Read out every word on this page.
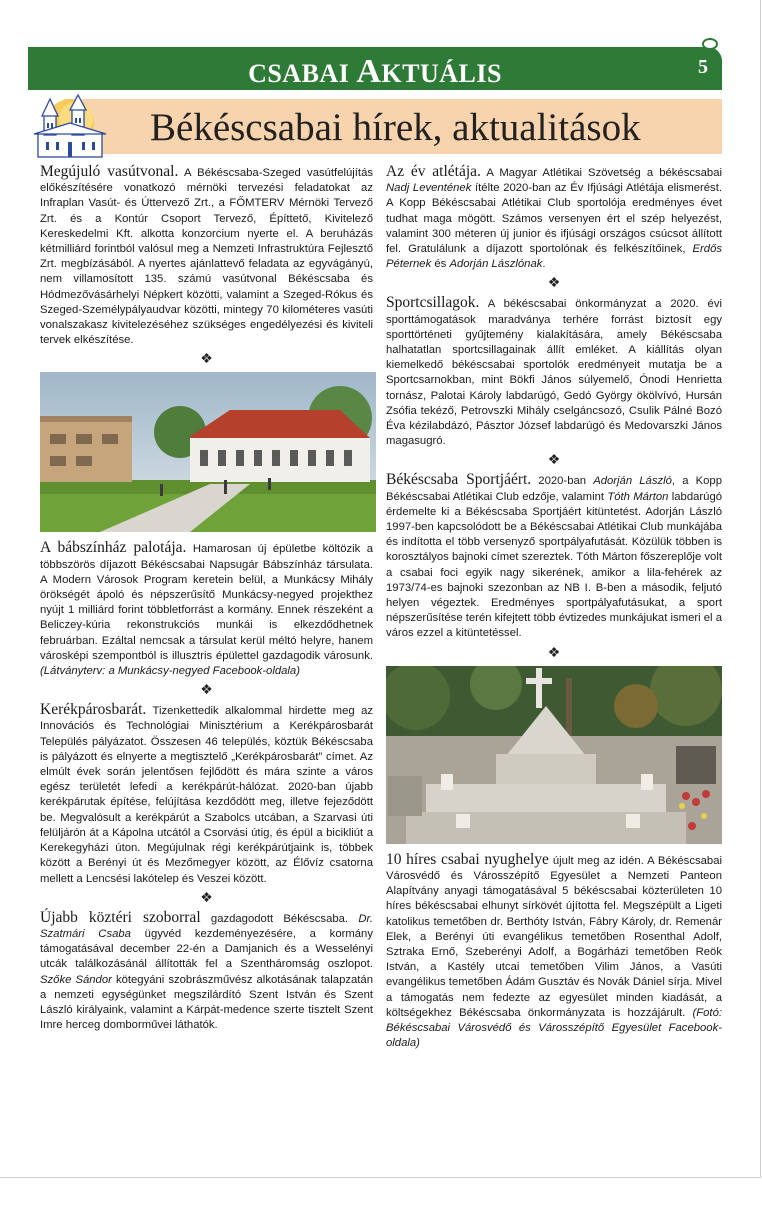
CSABAI AKTUÁLIS	5
Békéscsabai hírek, aktualitások

Megújuló vasútvonal. A Békéscsaba-Szeged vasútfelújítás előkészítésére vonatkozó mérnöki tervezési feladatokat az Infraplan Vasút- és Úttervező Zrt., a FŐMTERV Mérnöki Tervező Zrt. és a Kontúr Csoport Tervező, Építtető, Kivitelező Kereskedelmi Kft. alkotta konzorcium nyerte el. A beruházás kétmilliárd forintból valósul meg a Nemzeti Infrastruktúra Fejlesztő Zrt. megbízásából. A nyertes ajánlattevő feladata az egyvágányú, nem villamosított 135. számú vasútvonal Békéscsaba és Hódmezővásárhelyi Népkert közötti, valamint a Szeged-Rókus és Szeged-Személypályaudvar közötti, mintegy 70 kilométeres vasúti vonalszakasz kivitelezéséhez szükséges engedélyezési és kiviteli tervek elkészítése.

❖

A bábszínház palotája. Hamarosan új épületbe költözik a többszörös díjazott Békéscsabai Napsugár Bábszínház társulata. A Modern Városok Program keretein belül, a Munkácsy Mihály örökségét ápoló és népszerűsítő Munkácsy-negyed projekthez nyújt 1 milliárd forint többletforrást a kormány. Ennek részeként a Beliczey-kúria rekonstrukciós munkái is elkezdődhetnek februárban. Ezáltal nemcsak a társulat kerül méltó helyre, hanem városképi szempontból is illusztris épülettel gazdagodik városunk. (Látványterv: a Munkácsy-negyed Facebook-oldala)

❖

Kerékpárosbarát. Tizenkettedik alkalommal hirdette meg az Innovációs és Technológiai Minisztérium a Kerékpárosbarát Település pályázatot. Összesen 46 település, köztük Békéscsaba is pályázott és elnyerte a megtisztelő „Kerékpárosbarát” címet. Az elmúlt évek során jelentősen fejlődött és mára szinte a város egész területét lefedi a kerékpárút-hálózat. 2020-ban újabb kerékpárutak építése, felújítása kezdődött meg, illetve fejeződött be. Megvalósult a kerékpárút a Szabolcs utcában, a Szarvasi úti felüljárón át a Kápolna utcától a Csorvási útig, és épül a bicikliút a Kerekegyházi úton. Megújulnak régi kerékpárútjaink is, többek között a Berényi út és Mezőmegyer között, az Élővíz csatorna mellett a Lencsési lakótelep és Veszei között.

❖

Újabb köztéri szoborral gazdagodott Békéscsaba. Dr. Szatmári Csaba ügyvéd kezdeményezésére, a kormány támogatásával december 22-én a Damjanich és a Wesselényi utcák találkozásánál állították fel a Szentháromság oszlopot. Szőke Sándor kötegyáni szobrászművész alkotásának talapzatán a nemzeti egységünket megszilárdító Szent István és Szent László királyaink, valamint a Kárpát-medence szerte tisztelt Szent Imre herceg domborművei láthatók.

Az év atlétája. A Magyar Atlétikai Szövetség a békéscsabai Nadj Leventének ítélte 2020-ban az Év Ifjúsági Atlétája elismerést. A Kopp Békéscsabai Atlétikai Club sportolója eredményes évet tudhat maga mögött. Számos versenyen ért el szép helyezést, valamint 300 méteren új junior és ifjúsági országos csúcsot állított fel. Gratulálunk a díjazott sportolónak és felkészítőinek, Erdős Péternek és Adorján Lászlónak.

❖

Sportcsillagok. A békéscsabai önkormányzat a 2020. évi sporttámogatások maradványa terhére forrást biztosít egy sporttörténeti gyűjtemény kialakítására, amely Békéscsaba halhatatlan sportcsillagainak állít emléket. A kiállítás olyan kiemelkedő békéscsabai sportolók eredményeit mutatja be a Sportcsarnokban, mint Bökfi János súlyemelő, Ónodi Henrietta tornász, Palotai Károly labdarúgó, Gedó György ökölvívó, Hursán Zsófia tekéző, Petrovszki Mihály cselgáncsozó, Csulik Pálné Bozó Éva kézilabdázó, Pásztor József labdarúgó és Medovarszki János magasugró.

❖

Békéscsaba Sportjáért. 2020-ban Adorján László, a Kopp Békéscsabai Atlétikai Club edzője, valamint Tóth Márton labdarúgó érdemelte ki a Békéscsaba Sportjáért kitüntetést. Adorján László 1997-ben kapcsolódott be a Békéscsabai Atlétikai Club munkájába és indította el több versenyző sportpályafutását. Közülük többen is korosztályos bajnoki címet szereztek. Tóth Márton főszereplője volt a csabai foci egyik nagy sikerének, amikor a lila-fehérek az 1973/74-es bajnoki szezonban az NB I. B-ben a második, feljutó helyen végeztek. Eredményes sportpályafutásukat, a sport népszerűsítése terén kifejtett több évtizedes munkájukat ismeri el a város ezzel a kitüntetéssel.

❖

10 híres csabai nyughelye újult meg az idén. A Békéscsabai Városvédő és Városszépítő Egyesület a Nemzeti Panteon Alapítvány anyagi támogatásával 5 békéscsabai közterületen 10 híres békéscsabai elhunyt sírkövét újította fel. Megszépült a Ligeti katolikus temetőben dr. Berthóty István, Fábry Károly, dr. Remenár Elek, a Berényi úti evangélikus temetőben Rosenthal Adolf, Sztraka Ernő, Szeberényi Adolf, a Bogárházi temetőben Reök István, a Kastély utcai temetőben Vilim János, a Vasúti evangélikus temetőben Ádám Gusztáv és Novák Dániel sírja. Mivel a támogatás nem fedezte az egyesület minden kiadását, a költségekhez Békéscsaba önkormányzata is hozzájárult. (Fotó: Békéscsabai Városvédő és Városszépítő Egyesület Facebook- oldala)
